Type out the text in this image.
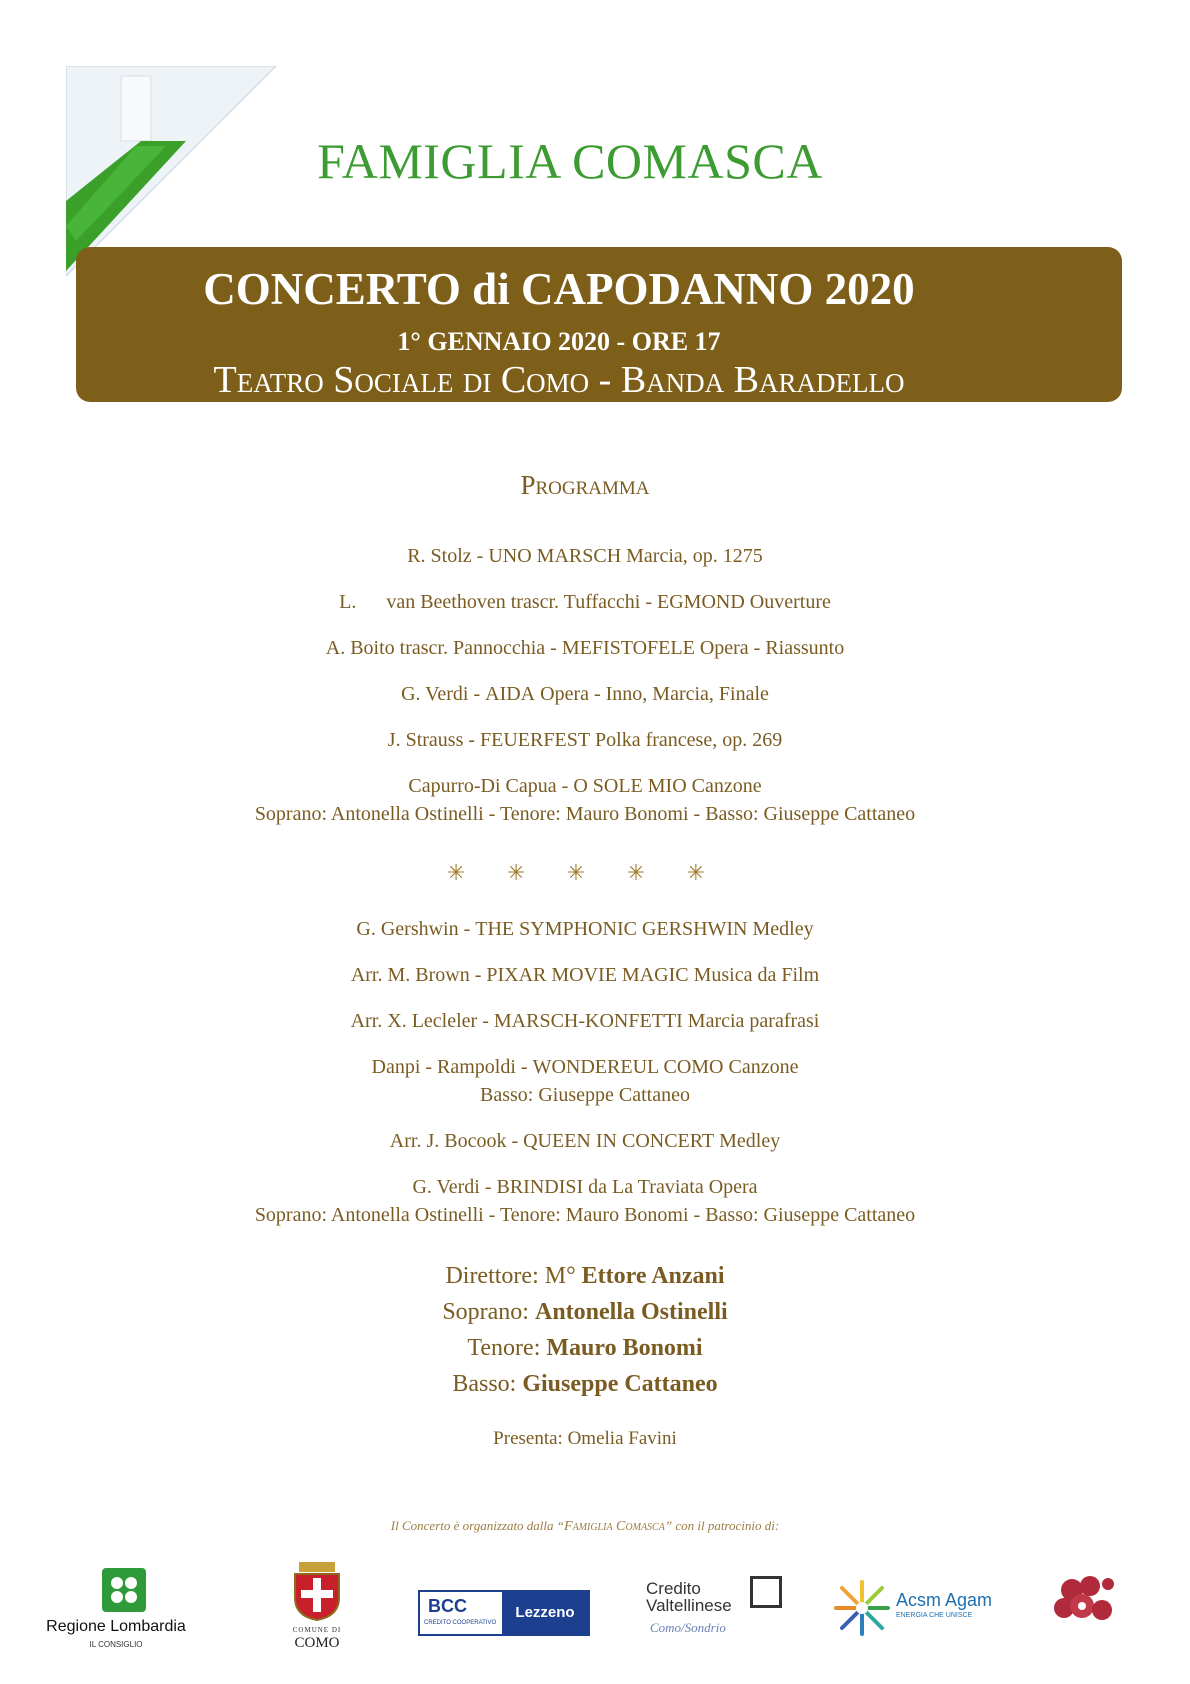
FAMIGLIA COMASCA
CONCERTO di CAPODANNO 2020
1° GENNAIO 2020 - ORE 17
Teatro Sociale di Como - Banda Baradello
Programma
R. Stolz - UNO MARSCH Marcia, op. 1275
L. van Beethoven trascr. Tuffacchi - EGMOND Ouverture
A. Boito trascr. Pannocchia - MEFISTOFELE Opera - Riassunto
G. Verdi - AIDA Opera - Inno, Marcia, Finale
J. Strauss - FEUERFEST Polka francese, op. 269
Capurro-Di Capua - O SOLE MIO Canzone
Soprano: Antonella Ostinelli - Tenore: Mauro Bonomi - Basso: Giuseppe Cattaneo
✳ ✳ ✳ ✳ ✳
G. Gershwin - THE SYMPHONIC GERSHWIN Medley
Arr. M. Brown - PIXAR MOVIE MAGIC Musica da Film
Arr. X. Lecleler - MARSCH-KONFETTI Marcia parafrasi
Danpi - Rampoldi - WONDEREUL COMO Canzone
Basso: Giuseppe Cattaneo
Arr. J. Bocook - QUEEN IN CONCERT Medley
G. Verdi - BRINDISI da La Traviata Opera
Soprano: Antonella Ostinelli - Tenore: Mauro Bonomi - Basso: Giuseppe Cattaneo
Direttore: M° Ettore Anzani
Soprano: Antonella Ostinelli
Tenore: Mauro Bonomi
Basso: Giuseppe Cattaneo
Presenta: Omelia Favini
Il Concerto è organizzato dalla “Famiglia Comasca” con il patrocinio di:
Regione Lombardia
IL CONSIGLIO
COMUNE DI
COMO
BCC
CREDITO COOPERATIVO
Lezzeno
Credito
Valtellinese
Como/Sondrio
Acsm Agam
ENERGIA CHE UNISCE
